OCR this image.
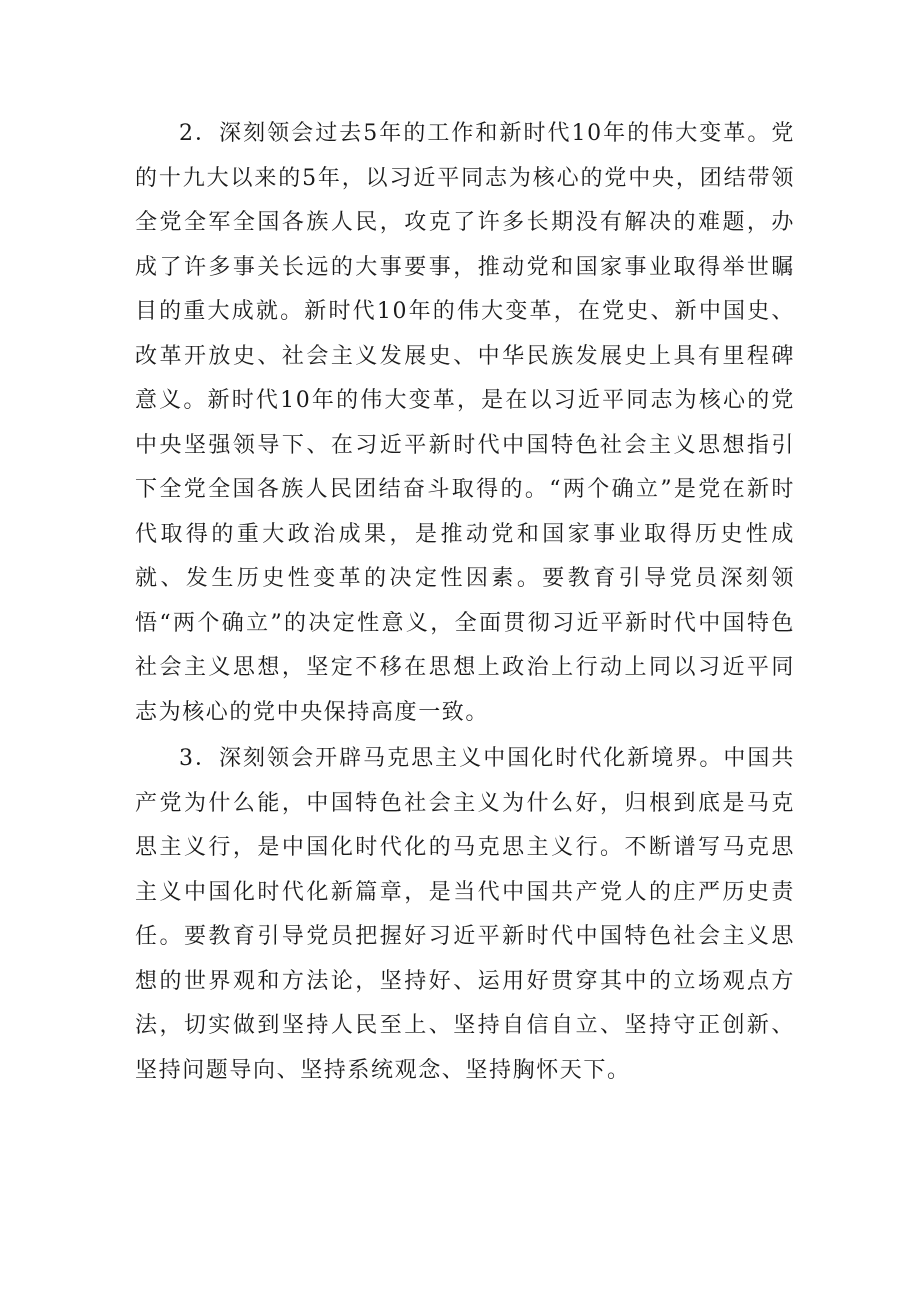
2．深刻领会过去5年的工作和新时代10年的伟大变革。党的十九大以来的5年，以习近平同志为核心的党中央，团结带领全党全军全国各族人民，攻克了许多长期没有解决的难题，办成了许多事关长远的大事要事，推动党和国家事业取得举世瞩目的重大成就。新时代10年的伟大变革，在党史、新中国史、改革开放史、社会主义发展史、中华民族发展史上具有里程碑意义。新时代10年的伟大变革，是在以习近平同志为核心的党中央坚强领导下、在习近平新时代中国特色社会主义思想指引下全党全国各族人民团结奋斗取得的。“两个确立”是党在新时代取得的重大政治成果，是推动党和国家事业取得历史性成就、发生历史性变革的决定性因素。要教育引导党员深刻领悟“两个确立”的决定性意义，全面贯彻习近平新时代中国特色社会主义思想，坚定不移在思想上政治上行动上同以习近平同志为核心的党中央保持高度一致。

3．深刻领会开辟马克思主义中国化时代化新境界。中国共产党为什么能，中国特色社会主义为什么好，归根到底是马克思主义行，是中国化时代化的马克思主义行。不断谱写马克思主义中国化时代化新篇章，是当代中国共产党人的庄严历史责任。要教育引导党员把握好习近平新时代中国特色社会主义思想的世界观和方法论，坚持好、运用好贯穿其中的立场观点方法，切实做到坚持人民至上、坚持自信自立、坚持守正创新、坚持问题导向、坚持系统观念、坚持胸怀天下。
